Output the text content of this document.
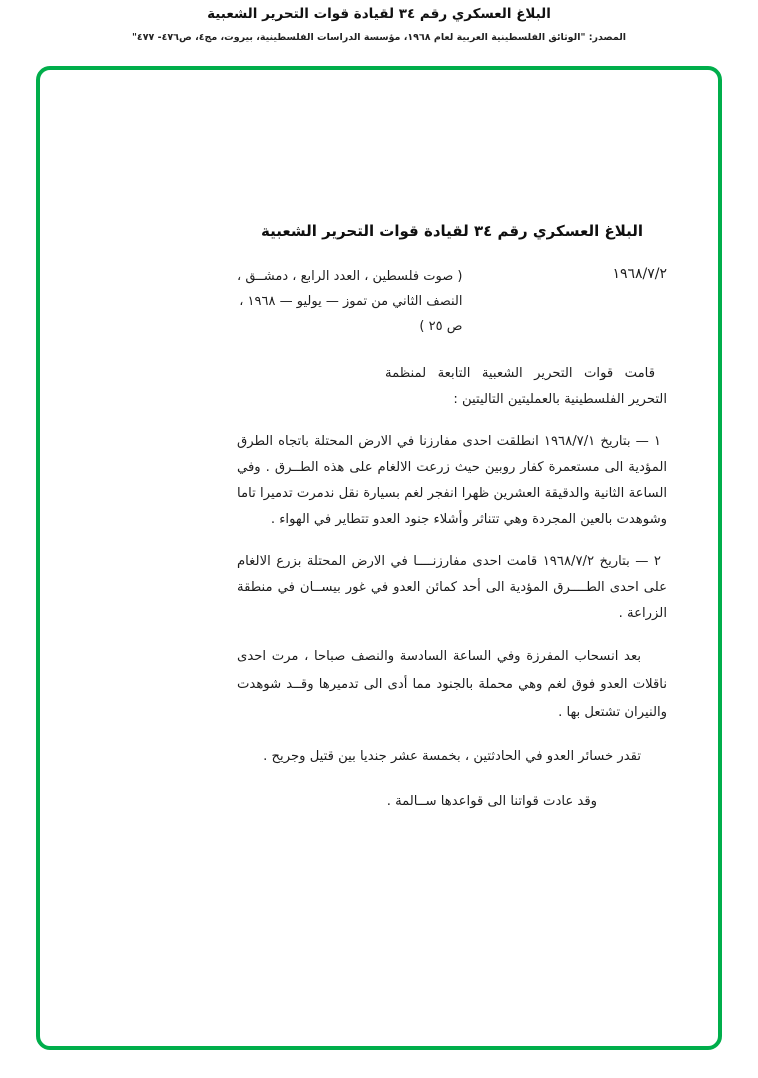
البلاغ العسكري رقم ٣٤ لقيادة قوات التحرير الشعبية
المصدر: "الوثائق الفلسطينية العربية لعام ١٩٦٨، مؤسسة الدراسات الفلسطينية، بيروت، مج٤، ص٤٧٦- ٤٧٧"
البلاغ العسكري رقم ٣٤ لقيادة قوات التحرير الشعبية
١٩٦٨/٧/٢
( صوت فلسطين ، العدد الرابع ، دمشــق ،
النصف الثاني من تموز — يوليو — ١٩٦٨ ،
ص ٢٥ )

قامت قوات التحرير الشعبية التابعة لمنظمة التحرير الفلسطينية بالعمليتين التاليتين :

١ — بتاريخ ١٩٦٨/٧/١ انطلقت احدى مفارزنا في الارض المحتلة باتجاه الطرق المؤدية الى مستعمرة كفار روبين حيث زرعت الالغام على هذه الطــرق . وفي الساعة الثانية والدقيقة العشرين ظهرا انفجر لغم بسيارة نقل ندمرت تدميرا تاما وشوهدت بالعين المجردة وهي تتناثر وأشلاء جنود العدو تتطاير في الهواء .

٢ — بتاريخ ١٩٦٨/٧/٢ قامت احدى مفارزنــــا في الارض المحتلة بزرع الالغام على احدى الطــــرق المؤدية الى أحد كمائن العدو في غور بيســان في منطقة الزراعة .

بعد انسحاب المفرزة وفي الساعة السادسة والنصف صباحا ، مرت احدى ناقلات العدو فوق لغم وهي محملة بالجنود مما أدى الى تدميرها وقــد شوهدت والنيران تشتعل بها .

تقدر خسائر العدو في الحادثتين ، بخمسة عشر جنديا بين قتيل وجريح .

وقد عادت قواتنا الى قواعدها ســالمة .
